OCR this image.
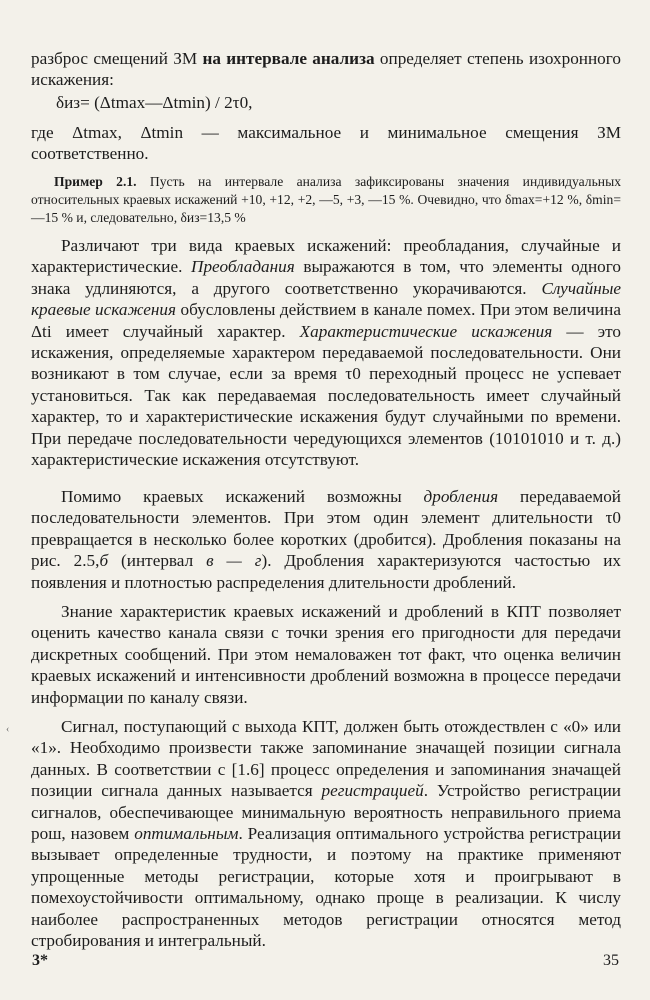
разброс смещений ЗМ на интервале анализа определяет степень изохронного искажения:

δиз= (Δtmax—Δtmin) / 2τ0,

где Δtmax, Δtmin — максимальное и минимальное смещения ЗМ соответственно.

Пример 2.1. Пусть на интервале анализа зафиксированы значения индивидуальных относительных краевых искажений +10, +12, +2, —5, +3, —15 %. Очевидно, что δmax=+12 %, δmin=—15 % и, следовательно, δиз=13,5 %

Различают три вида краевых искажений: преобладания, случайные и характеристические. Преобладания выражаются в том, что элементы одного знака удлиняются, а другого соответственно укорачиваются. Случайные краевые искажения обусловлены действием в канале помех. При этом величина Δti имеет случайный характер. Характеристические искажения — это искажения, определяемые характером передаваемой последовательности. Они возникают в том случае, если за время τ0 переходный процесс не успевает установиться. Так как передаваемая последовательность имеет случайный характер, то и характеристические искажения будут случайными по времени. При передаче последовательности чередующихся элементов (10101010 и т. д.) характеристические искажения отсутствуют.

Помимо краевых искажений возможны дробления передаваемой последовательности элементов. При этом один элемент длительности τ0 превращается в несколько более коротких (дробится). Дробления показаны на рис. 2.5,б (интервал в — г). Дробления характеризуются частостью их появления и плотностью распределения длительности дроблений.

Знание характеристик краевых искажений и дроблений в КПТ позволяет оценить качество канала связи с точки зрения его пригодности для передачи дискретных сообщений. При этом немаловажен тот факт, что оценка величин краевых искажений и интенсивности дроблений возможна в процессе передачи информации по каналу связи.

Сигнал, поступающий с выхода КПТ, должен быть отождествлен с «0» или «1». Необходимо произвести также запоминание значащей позиции сигнала данных. В соответствии с [1.6] процесс определения и запоминания значащей позиции сигнала данных называется регистрацией. Устройство регистрации сигналов, обеспечивающее минимальную вероятность неправильного приема pош, назовем оптимальным. Реализация оптимального устройства регистрации вызывает определенные трудности, и поэтому на практике применяют упрощенные методы регистрации, которые хотя и проигрывают в помехоустойчивости оптимальному, однако проще в реализации. К числу наиболее распространенных методов регистрации относятся метод стробирования и интегральный.

3*	35
‹
